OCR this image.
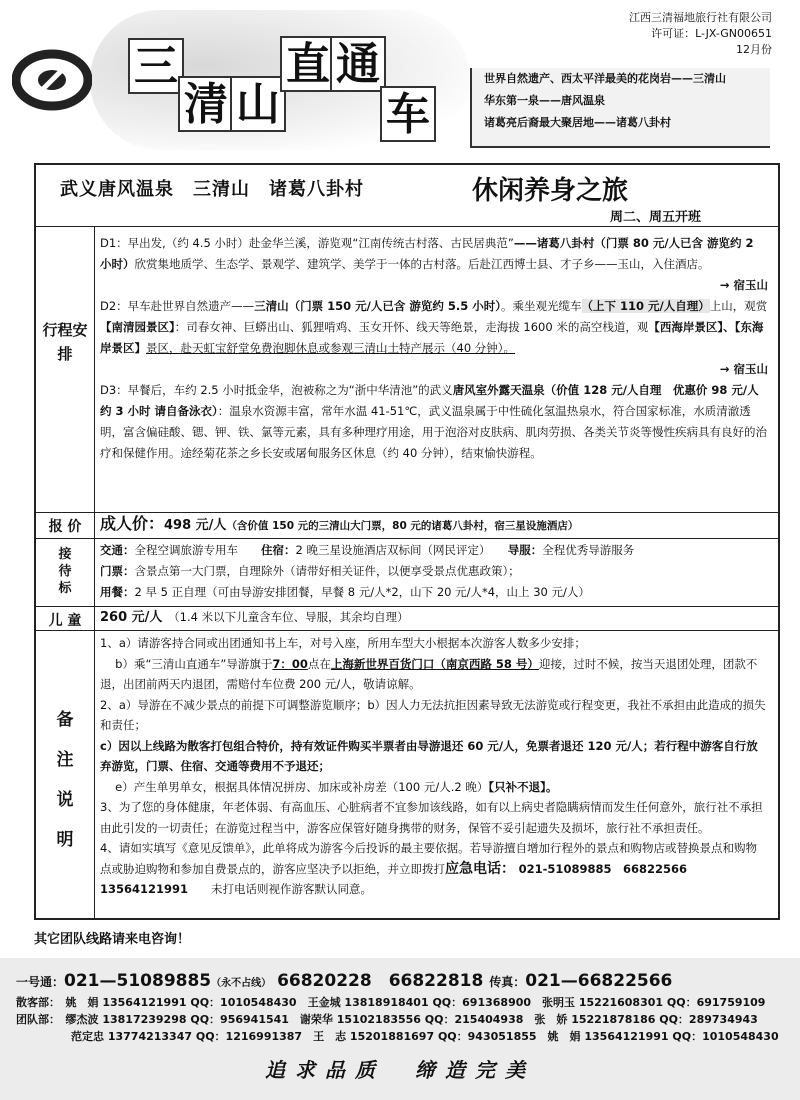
三
清 山
直 通
车
江西三清福地旅行社有限公司
许可证：L-JX-GN00651
12月份
世界自然遗产、西太平洋最美的花岗岩——三清山
华东第一泉——唐风温泉
诸葛亮后裔最大聚居地——诸葛八卦村
武义唐风温泉　三清山　诸葛八卦村	休闲养身之旅
周二、周五开班
行程安排
D1：早出发,（约 4.5 小时）赴金华兰溪，游览观“江南传统古村落、古民居典范”——诸葛八卦村（门票 80 元/人已含 游览约 2 小时）欣赏集地质学、生态学、景观学、建筑学、美学于一体的古村落。后赴江西博士县、才子乡——玉山，入住酒店。
→ 宿玉山
D2：早车赴世界自然遗产——三清山（门票 150 元/人已含 游览约 5.5 小时）。乘坐观光缆车（上下 110 元/人自理）上山，观赏【南清园景区】：司春女神、巨蟒出山、狐狸啃鸡、玉女开怀、线天等绝景，走海拔 1600 米的高空栈道，观【西海岸景区】、【东海岸景区】景区，赴天虹宝舒堂免费泡脚休息或参观三清山土特产展示（40 分钟）。
→ 宿玉山
D3：早餐后，车约 2.5 小时抵金华，泡被称之为“浙中华清池”的武义唐风室外露天温泉（价值 128 元/人自理　优惠价 98 元/人 约 3 小时 请自备泳衣）：温泉水资源丰富，常年水温 41-51℃，武义温泉属于中性硫化氢温热泉水，符合国家标准，水质清澈透明，富含偏硅酸、锶、钾、铁、氯等元素，具有多种理疗用途，用于泡浴对皮肤病、肌肉劳损、各类关节炎等慢性疾病具有良好的治疗和保健作用。途经菊花茶之乡长安或屠甸服务区休息（约 40 分钟），结束愉快游程。
报 价	成人价：498 元/人（含价值 150 元的三清山大门票，80 元的诸葛八卦村，宿三星设施酒店）
接待标
交通：全程空调旅游专用车　　 住宿：2 晚三星设施酒店双标间（网民评定）　　 导服：全程优秀导游服务
门票：含景点第一大门票，自理除外（请带好相关证件，以便享受景点优惠政策）；
用餐：2 早 5 正自理（可由导游安排团餐，早餐 8 元/人*2，山下 20 元/人*4，山上 30 元/人）
儿 童	260 元/人　 （1.4 米以下儿童含车位、导服，其余均自理）
备注说明
1、a）请游客持合同或出团通知书上车，对号入座，所用车型大小根据本次游客人数多少安排；
　 b）乘“三清山直通车”导游旗于7：00点在上海新世界百货门口（南京西路 58 号）迎接，过时不候，按当天退团处理，团款不退，出团前两天内退团，需赔付车位费 200 元/人，敬请谅解。
2、a）导游在不减少景点的前提下可调整游览顺序；b）因人力无法抗拒因素导致无法游览或行程变更，我社不承担由此造成的损失和责任；
c）因以上线路为散客打包组合特价，持有效证件购买半票者由导游退还 60 元/人，免票者退还 120 元/人；若行程中游客自行放弃游览，门票、住宿、交通等费用不予退还；
　 e）产生单男单女，根据具体情况拼房、加床或补房差（100 元/人.2 晚）【只补不退】。
3、为了您的身体健康，年老体弱、有高血压、心脏病者不宜参加该线路，如有以上病史者隐瞒病情而发生任何意外，旅行社不承担由此引发的一切责任；在游览过程当中，游客应保管好随身携带的财务，保管不妥引起遗失及损坏，旅行社不承担责任。
4、请如实填写《意见反馈单》，此单将成为游客今后投诉的最主要依据。若导游擅自增加行程外的景点和购物店或替换景点和购物点或胁迫购物和参加自费景点的，游客应坚决予以拒绝，并立即拨打应急电话： 021-51089885　66822566　13564121991　　 未打电话则视作游客默认同意。
其它团队线路请来电咨询！
一号通：021—51089885（永不占线） 66820228　66822818 传真：021—66822566
散客部：　姚　娟 13564121991 QQ：1010548430　王金城 13818918401 QQ：691368900　张明玉 15221608301 QQ：691759109
团队部：　缪杰波 13817239298 QQ：956941541　谢荣华 15102183556 QQ：215404938　张　娇 15221878186 QQ：289734943
　　　　　范定忠 13774213347 QQ：1216991387　王　志 15201881697 QQ：943051855　姚　娟 13564121991 QQ：1010548430
追求品质　缔造完美
